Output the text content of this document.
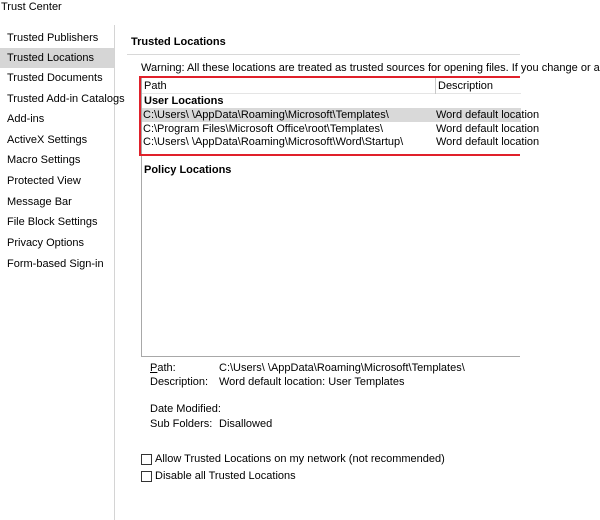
Trust Center
Trusted Publishers
Trusted Locations
Trusted Documents
Trusted Add-in Catalogs
Add-ins
ActiveX Settings
Macro Settings
Protected View
Message Bar
File Block Settings
Privacy Options
Form-based Sign-in
Trusted Locations
Warning: All these locations are treated as trusted sources for opening files. If you change or a
Path	Description
User Locations
C:\Users\ \AppData\Roaming\Microsoft\Templates\	Word default location
C:\Program Files\Microsoft Office\root\Templates\	Word default location
C:\Users\ \AppData\Roaming\Microsoft\Word\Startup\	Word default location
Policy Locations
Path:	C:\Users\ \AppData\Roaming\Microsoft\Templates\
Description: Word default location: User Templates
Date Modified:
Sub Folders: Disallowed
Allow Trusted Locations on my network (not recommended)
Disable all Trusted Locations
